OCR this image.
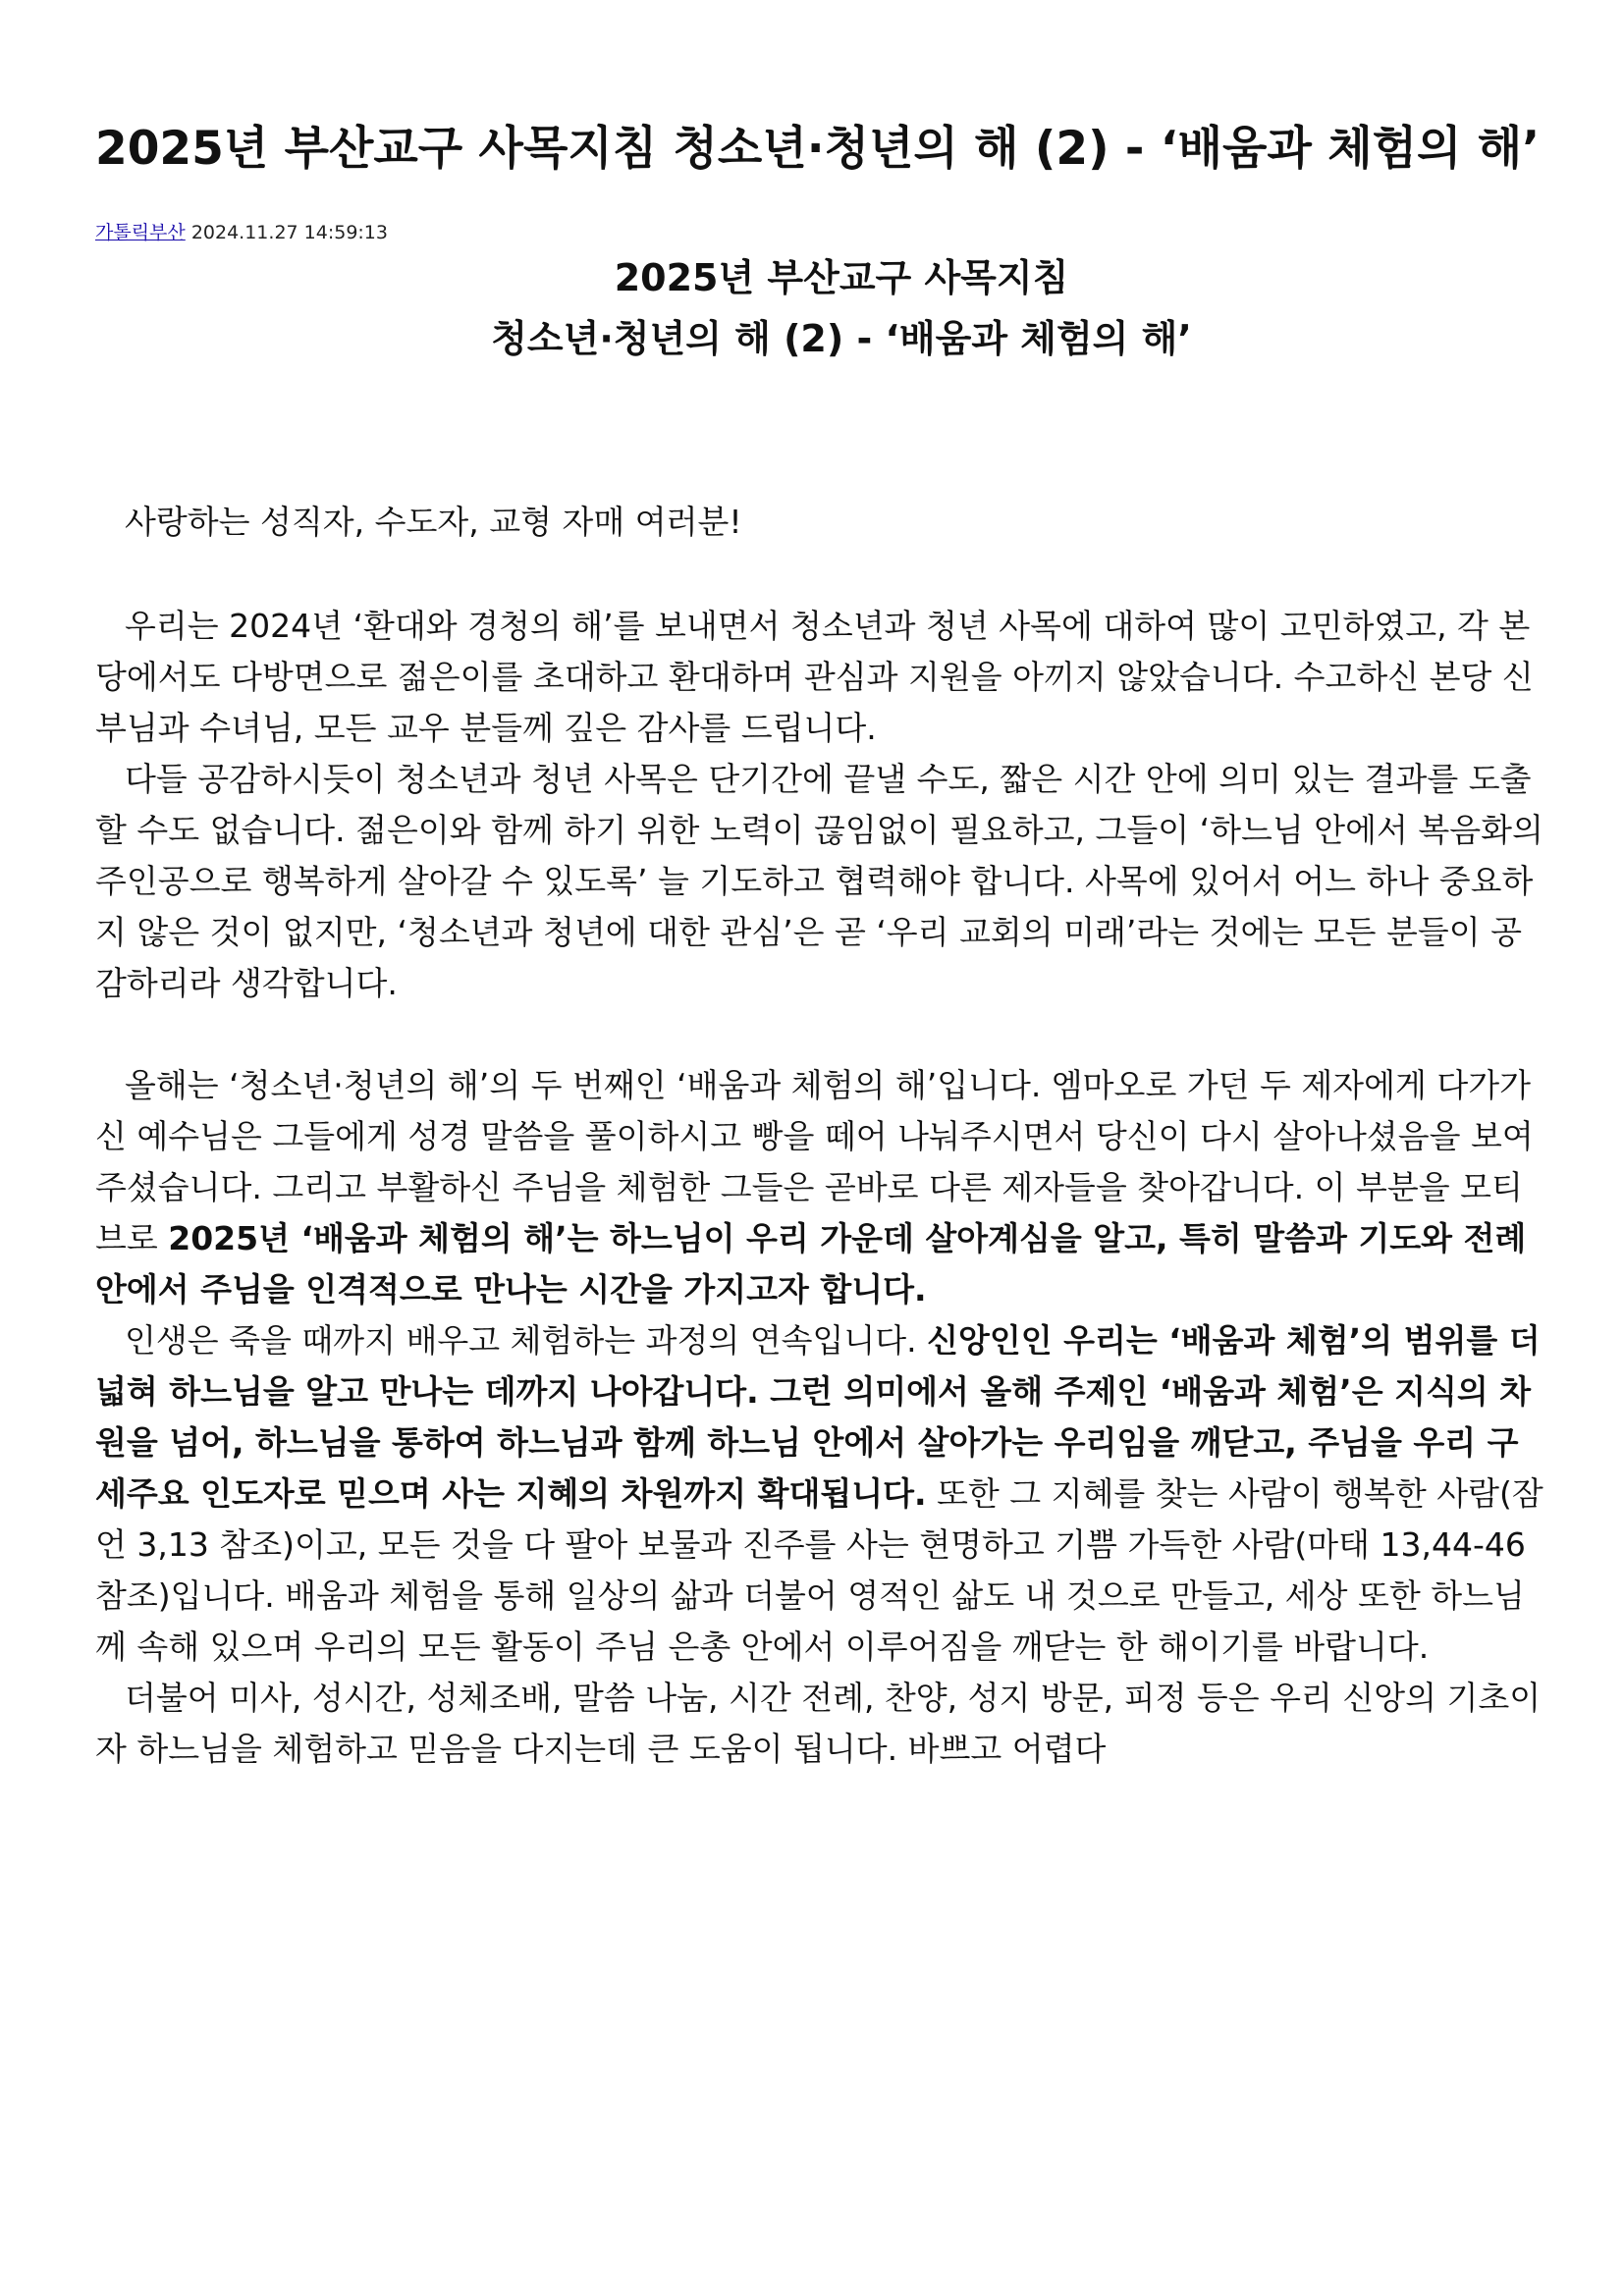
2025년 부산교구 사목지침 청소년·청년의 해 (2) - ‘배움과 체험의 해’
가톨릭부산 2024.11.27 14:59:13
2025년 부산교구 사목지침
청소년·청년의 해 (2) - ‘배움과 체험의 해’

사랑하는 성직자, 수도자, 교형 자매 여러분!

우리는 2024년 ‘환대와 경청의 해’를 보내면서 청소년과 청년 사목에 대하여 많이 고민하였고, 각 본당에서도 다방면으로 젊은이를 초대하고 환대하며 관심과 지원을 아끼지 않았습니다. 수고하신 본당 신부님과 수녀님, 모든 교우 분들께 깊은 감사를 드립니다.

다들 공감하시듯이 청소년과 청년 사목은 단기간에 끝낼 수도, 짧은 시간 안에 의미 있는 결과를 도출할 수도 없습니다. 젊은이와 함께 하기 위한 노력이 끊임없이 필요하고, 그들이 ‘하느님 안에서 복음화의 주인공으로 행복하게 살아갈 수 있도록’ 늘 기도하고 협력해야 합니다. 사목에 있어서 어느 하나 중요하지 않은 것이 없지만, ‘청소년과 청년에 대한 관심’은 곧 ‘우리 교회의 미래’라는 것에는 모든 분들이 공감하리라 생각합니다.

올해는 ‘청소년·청년의 해’의 두 번째인 ‘배움과 체험의 해’입니다. 엠마오로 가던 두 제자에게 다가가신 예수님은 그들에게 성경 말씀을 풀이하시고 빵을 떼어 나눠주시면서 당신이 다시 살아나셨음을 보여주셨습니다. 그리고 부활하신 주님을 체험한 그들은 곧바로 다른 제자들을 찾아갑니다. 이 부분을 모티브로 2025년 ‘배움과 체험의 해’는 하느님이 우리 가운데 살아계심을 알고, 특히 말씀과 기도와 전례 안에서 주님을 인격적으로 만나는 시간을 가지고자 합니다.

인생은 죽을 때까지 배우고 체험하는 과정의 연속입니다. 신앙인인 우리는 ‘배움과 체험’의 범위를 더 넓혀 하느님을 알고 만나는 데까지 나아갑니다. 그런 의미에서 올해 주제인 ‘배움과 체험’은 지식의 차원을 넘어, 하느님을 통하여 하느님과 함께 하느님 안에서 살아가는 우리임을 깨닫고, 주님을 우리 구세주요 인도자로 믿으며 사는 지혜의 차원까지 확대됩니다. 또한 그 지혜를 찾는 사람이 행복한 사람(잠언 3,13 참조)이고, 모든 것을 다 팔아 보물과 진주를 사는 현명하고 기쁨 가득한 사람(마태 13,44-46 참조)입니다. 배움과 체험을 통해 일상의 삶과 더불어 영적인 삶도 내 것으로 만들고, 세상 또한 하느님께 속해 있으며 우리의 모든 활동이 주님 은총 안에서 이루어짐을 깨닫는 한 해이기를 바랍니다.

더불어 미사, 성시간, 성체조배, 말씀 나눔, 시간 전례, 찬양, 성지 방문, 피정 등은 우리 신앙의 기초이자 하느님을 체험하고 믿음을 다지는데 큰 도움이 됩니다. 바쁘고 어렵다
